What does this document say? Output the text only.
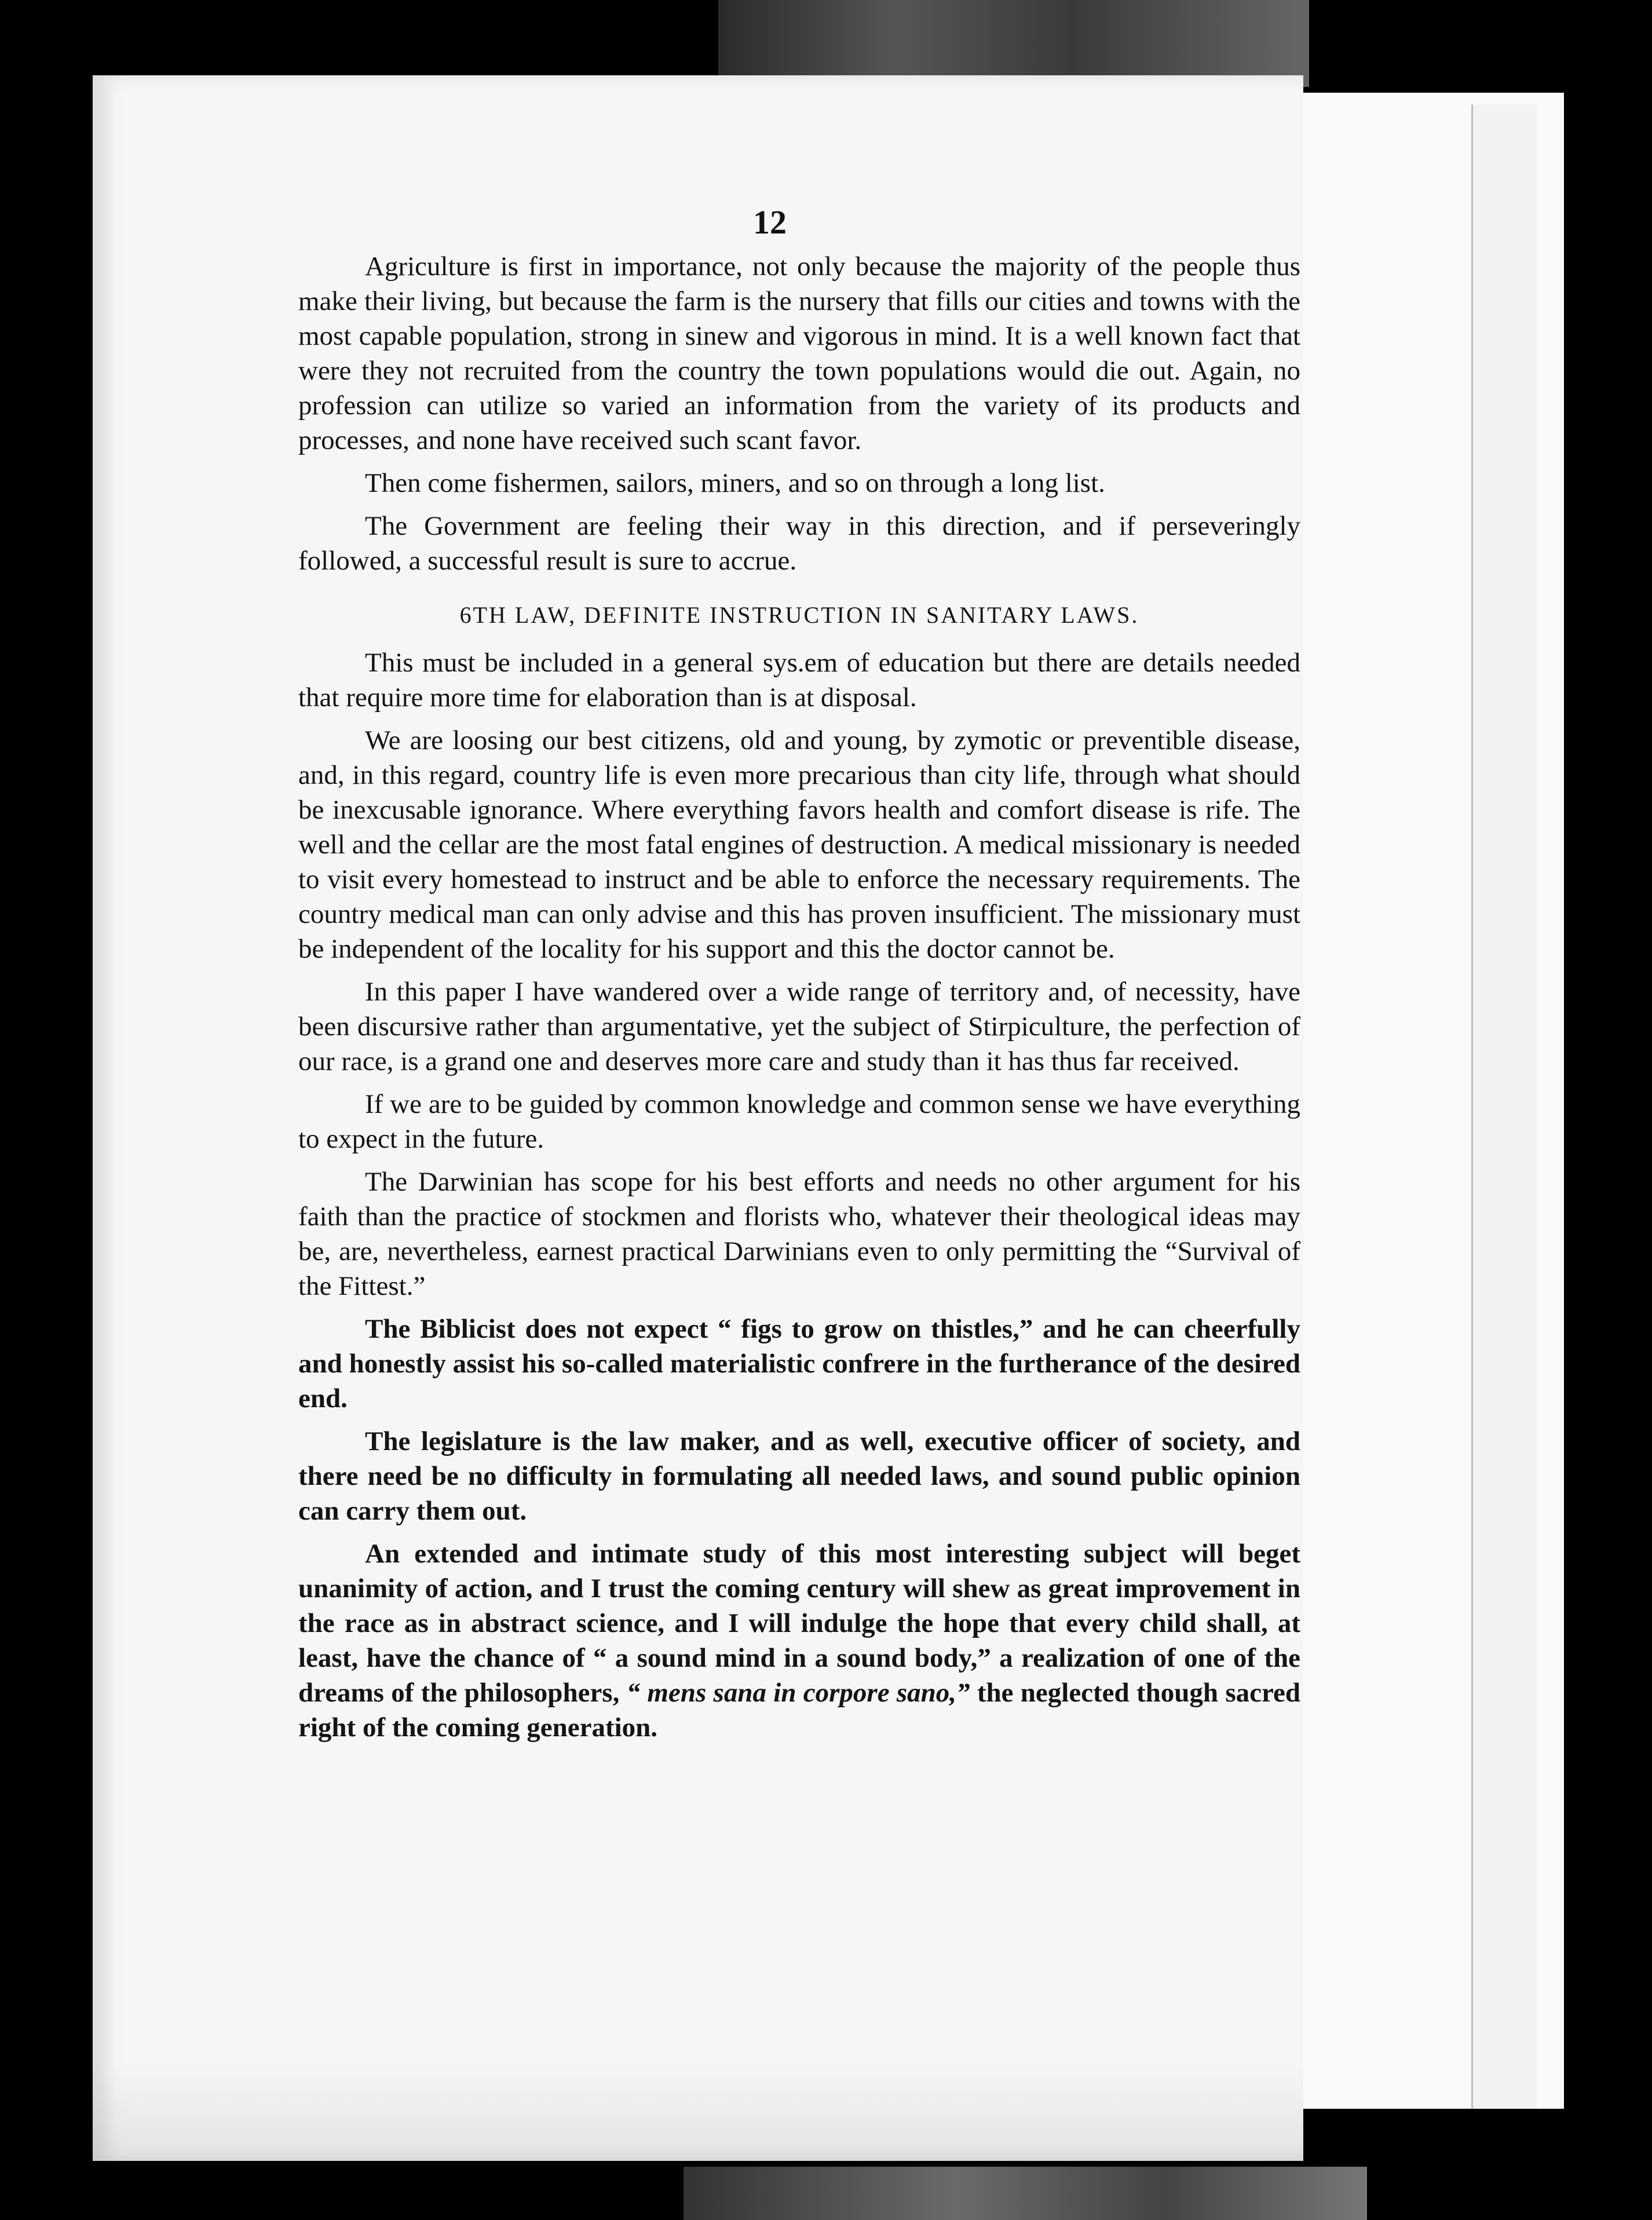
12

Agriculture is first in importance, not only because the majority of the people thus make their living, but because the farm is the nursery that fills our cities and towns with the most capable population, strong in sinew and vigorous in mind. It is a well known fact that were they not recruited from the country the town populations would die out. Again, no profession can utilize so varied an information from the variety of its products and processes, and none have received such scant favor.

Then come fishermen, sailors, miners, and so on through a long list.

The Government are feeling their way in this direction, and if perseveringly followed, a successful result is sure to accrue.

6TH LAW, DEFINITE INSTRUCTION IN SANITARY LAWS.

This must be included in a general sys.em of education but there are details needed that require more time for elaboration than is at disposal.

We are loosing our best citizens, old and young, by zymotic or preventible disease, and, in this regard, country life is even more precarious than city life, through what should be inexcusable ignorance. Where everything favors health and comfort disease is rife. The well and the cellar are the most fatal engines of destruction. A medical missionary is needed to visit every homestead to instruct and be able to enforce the necessary requirements. The country medical man can only advise and this has proven insufficient. The missionary must be independent of the locality for his support and this the doctor cannot be.

In this paper I have wandered over a wide range of territory and, of necessity, have been discursive rather than argumentative, yet the subject of Stirpiculture, the perfection of our race, is a grand one and deserves more care and study than it has thus far received.

If we are to be guided by common knowledge and common sense we have everything to expect in the future.

The Darwinian has scope for his best efforts and needs no other argument for his faith than the practice of stockmen and florists who, whatever their theological ideas may be, are, nevertheless, earnest practical Darwinians even to only permitting the “Survival of the Fittest.”

The Biblicist does not expect “ figs to grow on thistles,” and he can cheerfully and honestly assist his so-called materialistic confrere in the furtherance of the desired end.

The legislature is the law maker, and as well, executive officer of society, and there need be no difficulty in formulating all needed laws, and sound public opinion can carry them out.

An extended and intimate study of this most interesting subject will beget unanimity of action, and I trust the coming century will shew as great improvement in the race as in abstract science, and I will indulge the hope that every child shall, at least, have the chance of “ a sound mind in a sound body,” a realization of one of the dreams of the philosophers, “ mens sana in corpore sano,” the neglected though sacred right of the coming generation.
